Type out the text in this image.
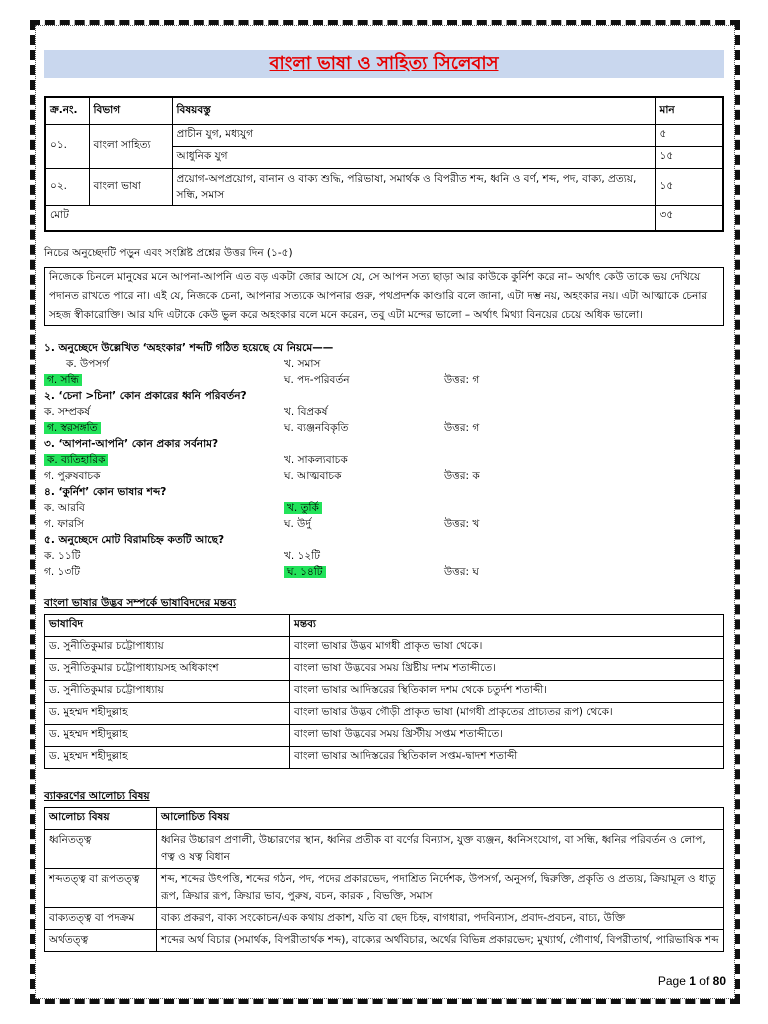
বাংলা ভাষা ও সাহিত্য সিলেবাস
ক্র.নং.	বিভাগ	বিষয়বস্তু	মান
০১.	বাংলা সাহিত্য	প্রাচীন যুগ, মধ্যযুগ	৫
		আধুনিক যুগ	১৫
০২.	বাংলা ভাষা	প্রয়োগ-অপপ্রয়োগ, বানান ও বাক্য শুদ্ধি, পরিভাষা, সমার্থক ও বিপরীত শব্দ, ধ্বনি ও বর্ণ, শব্দ, পদ, বাক্য, প্রত্যয়, সন্ধি, সমাস	১৫
মোট			৩৫
নিচের অনুচ্ছেদটি পড়ুন এবং সংশ্লিষ্ট প্রশ্নের উত্তর দিন (১-৫)
নিজেকে চিনলে মানুষের মনে আপনা-আপনি এত বড় একটা জোর আসে যে, সে আপন সত্য ছাড়া আর কাউকে কুর্নিশ করে না– অর্থাৎ কেউ তাকে ভয় দেখিয়ে পদানত রাখতে পারে না। এই যে, নিজকে চেনা, আপনার সত্যকে আপনার গুরু, পথপ্রদর্শক কাণ্ডারি বলে জানা, এটা দম্ভ নয়, অহংকার নয়। এটা আত্মাকে চেনার সহজ স্বীকারোক্তি। আর যদি এটাকে কেউ ভুল করে অহংকার বলে মনে করেন, তবু এটা মন্দের ভালো – অর্থাৎ মিথ্যা বিনয়ের চেয়ে অধিক ভালো।
১. অনুচ্ছেদে উল্লেখিত ‘অহংকার’ শব্দটি গঠিত হয়েছে যে নিয়মে——
ক. উপসর্গ	খ. সমাস
গ. সন্ধি	ঘ. পদ-পরিবর্তন	উত্তর: গ
২. ‘চেনা >চিনা’ কোন প্রকারের ধ্বনি পরিবর্তন?
ক. সম্প্রকর্ষ	খ. বিপ্রকর্ষ
গ. স্বরসঙ্গতি	ঘ. ব্যঞ্জনবিকৃতি	উত্তর: গ
৩. ‘আপনা-আপনি’ কোন প্রকার সর্বনাম?
ক. ব্যতিহারিক	খ. সাকল্যবাচক
গ. পুরুষবাচক	ঘ. আত্মবাচক	উত্তর: ক
৪. ‘কুর্নিশ’ কোন ভাষার শব্দ?
ক. আরবি	খ. তুর্কি
গ. ফারসি	ঘ. উর্দু	উত্তর: খ
৫. অনুচ্ছেদে মোট বিরামচিহ্ন কতটি আছে?
ক. ১১টি	খ. ১২টি
গ. ১৩টি	ঘ. ১৪টি	উত্তর: ঘ
বাংলা ভাষার উদ্ভব সম্পর্কে ভাষাবিদদের মন্তব্য
ভাষাবিদ	মন্তব্য
ড. সুনীতিকুমার চট্টোপাধ্যায়	বাংলা ভাষার উদ্ভব মাগধী প্রাকৃত ভাষা থেকে।
ড. সুনীতিকুমার চট্টোপাধ্যায়সহ অধিকাংশ	বাংলা ভাষা উদ্ভবের সময় খ্রিষ্টীয় দশম শতাব্দীতে।
ড. সুনীতিকুমার চট্টোপাধ্যায়	বাংলা ভাষার আদিস্তরের স্থিতিকাল দশম থেকে চতুর্দশ শতাব্দী।
ড. মুহম্মদ শহীদুল্লাহ	বাংলা ভাষার উদ্ভব গৌড়ী প্রাকৃত ভাষা (মাগধী প্রাকৃতের প্রাচ্যতর রূপ) থেকে।
ড. মুহম্মদ শহীদুল্লাহ	বাংলা ভাষা উদ্ভবের সময় খ্রিস্টীয় সপ্তম শতাব্দীতে।
ড. মুহম্মদ শহীদুল্লাহ	বাংলা ভাষার আদিস্তরের স্থিতিকাল সপ্তম-দ্বাদশ শতাব্দী
ব্যাকরণের আলোচ্য বিষয়
আলোচ্য বিষয়	আলোচিত বিষয়
ধ্বনিতত্ত্ব	ধ্বনির উচ্চারণ প্রণালী, উচ্চারণের স্থান, ধ্বনির প্রতীক বা বর্ণের বিন্যাস, যুক্ত ব্যঞ্জন, ধ্বনিসংযোগ, বা সন্ধি, ধ্বনির পরিবর্তন ও লোপ, ণত্ব ও ষত্ব বিধান
শব্দতত্ত্ব বা রূপতত্ত্ব	শব্দ, শব্দের উৎপত্তি, শব্দের গঠন, পদ, পদের প্রকারভেদ, পদাশ্রিত নির্দেশক, উপসর্গ, অনুসর্গ, দ্বিরুক্তি, প্রকৃতি ও প্রত্যয়, ক্রিয়ামূল ও ধাতু রূপ, ক্রিয়ার রূপ, ক্রিয়ার ভাব, পুরুষ, বচন, কারক , বিভক্তি, সমাস
বাক্যতত্ত্ব বা পদক্রম	বাক্য প্রকরণ, বাক্য সংকোচন/এক কথায় প্রকাশ, যতি বা ছেদ চিহ্ন, বাগধারা, পদবিন্যাস, প্রবাদ-প্রবচন, বাচ্য, উক্তি
অর্থতত্ত্ব	শব্দের অর্থ বিচার (সমার্থক, বিপরীতার্থক শব্দ), বাক্যের অর্থবিচার, অর্থের বিভিন্ন প্রকারভেদ; মুখ্যার্থ, গৌণার্থ, বিপরীতার্থ, পারিভাষিক শব্দ
Page 1 of 80
